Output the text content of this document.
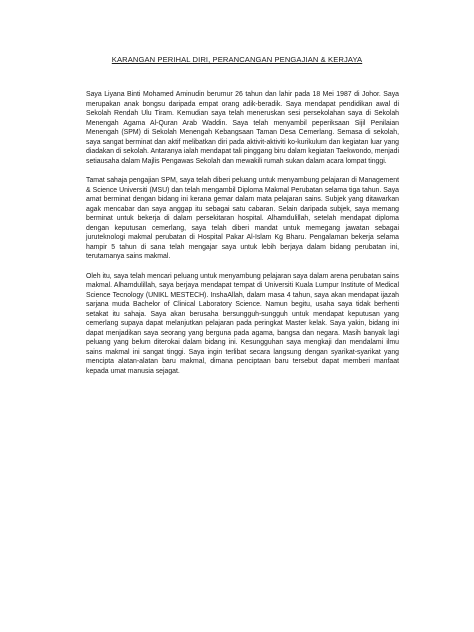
KARANGAN PERIHAL DIRI, PERANCANGAN PENGAJIAN & KERJAYA

Saya Liyana Binti Mohamed Aminudin berumur 26 tahun dan lahir pada 18 Mei 1987 di Johor. Saya merupakan anak bongsu daripada empat orang adik-beradik. Saya mendapat pendidikan awal di Sekolah Rendah Ulu Tiram. Kemudian saya telah meneruskan sesi persekolahan saya di Sekolah Menengah Agama Al-Quran Arab Waddin. Saya telah menyambil peperiksaan Sijil Penilaian Menengah (SPM) di Sekolah Menengah Kebangsaan Taman Desa Cemerlang. Semasa di sekolah, saya sangat berminat dan aktif melibatkan diri pada aktivit-aktiviti ko-kurikulum dan kegiatan luar yang diadakan di sekolah. Antaranya ialah mendapat tali pinggang biru dalam kegiatan Taekwondo, menjadi setiausaha dalam Majlis Pengawas Sekolah dan mewakili rumah sukan dalam acara lompat tinggi.

Tamat sahaja pengajian SPM, saya telah diberi peluang untuk menyambung pelajaran di Management & Science Universiti (MSU) dan telah mengambil Diploma Makmal Perubatan selama tiga tahun. Saya amat berminat dengan bidang ini kerana gemar dalam mata pelajaran sains. Subjek yang ditawarkan agak mencabar dan saya anggap itu sebagai satu cabaran. Selain daripada subjek, saya memang berminat untuk bekerja di dalam persekitaran hospital. Alhamdulillah, setelah mendapat diploma dengan keputusan cemerlang, saya telah diberi mandat untuk memegang jawatan sebagai juruteknologi makmal perubatan di Hospital Pakar Al-Islam Kg Bharu. Pengalaman bekerja selama hampir 5 tahun di sana telah mengajar saya untuk lebih berjaya dalam bidang perubatan ini, terutamanya sains makmal.

Oleh itu, saya telah mencari peluang untuk menyambung pelajaran saya dalam arena perubatan sains makmal. Alhamdulillah, saya berjaya mendapat tempat di Universiti Kuala Lumpur Institute of Medical Science Tecnology (UNIKL MESTECH). InshaAllah, dalam masa 4 tahun, saya akan mendapat ijazah sarjana muda Bachelor of Clinical Laboratory Science. Namun begitu, usaha saya tidak berhenti setakat itu sahaja. Saya akan berusaha bersungguh-sungguh untuk mendapat keputusan yang cemerlang supaya dapat melanjutkan pelajaran pada peringkat Master kelak. Saya yakin, bidang ini dapat menjadikan saya seorang yang berguna pada agama, bangsa dan negara. Masih banyak lagi peluang yang belum diterokai dalam bidang ini. Kesungguhan saya mengkaji dan mendalami ilmu sains makmal ini sangat tinggi. Saya ingin terlibat secara langsung dengan syarikat-syarikat yang mencipta alatan-alatan baru makmal, dimana penciptaan baru tersebut dapat memberi manfaat kepada umat manusia sejagat.
